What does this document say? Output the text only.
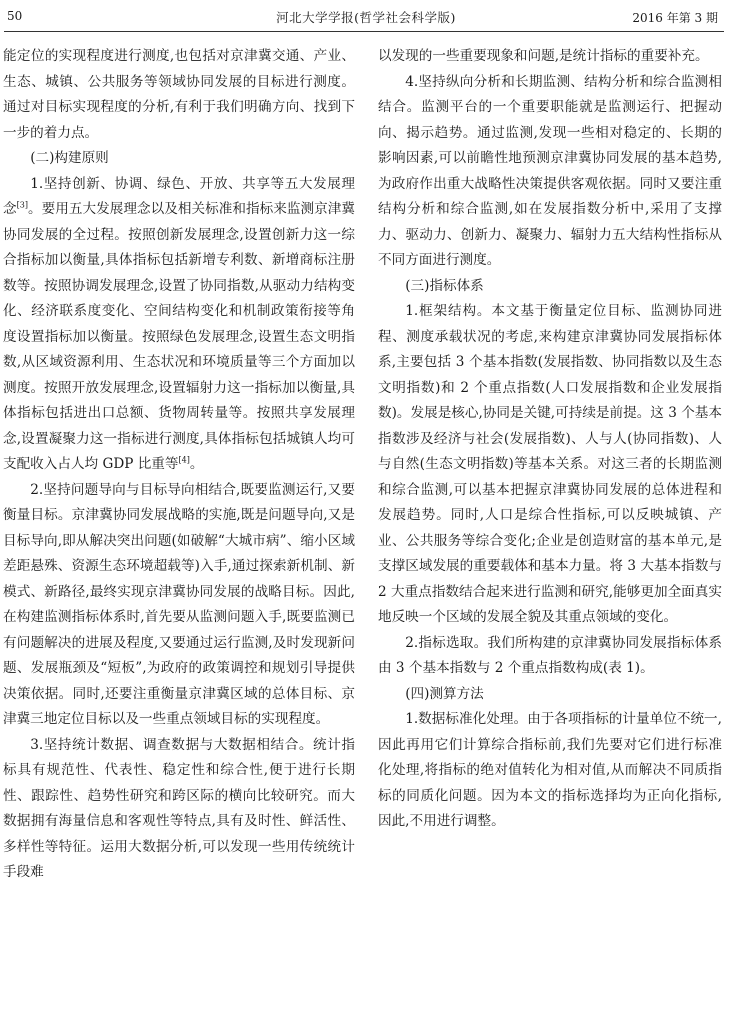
50	河北大学学报(哲学社会科学版)	2016 年第 3 期

能定位的实现程度进行测度,也包括对京津冀交通、产业、生态、城镇、公共服务等领域协同发展的目标进行测度。通过对目标实现程度的分析,有利于我们明确方向、找到下一步的着力点。

(二)构建原则

1.坚持创新、协调、绿色、开放、共享等五大发展理念[3]。要用五大发展理念以及相关标准和指标来监测京津冀协同发展的全过程。按照创新发展理念,设置创新力这一综合指标加以衡量,具体指标包括新增专利数、新增商标注册数等。按照协调发展理念,设置了协同指数,从驱动力结构变化、经济联系度变化、空间结构变化和机制政策衔接等角度设置指标加以衡量。按照绿色发展理念,设置生态文明指数,从区域资源利用、生态状况和环境质量等三个方面加以测度。按照开放发展理念,设置辐射力这一指标加以衡量,具体指标包括进出口总额、货物周转量等。按照共享发展理念,设置凝聚力这一指标进行测度,具体指标包括城镇人均可支配收入占人均 GDP 比重等[4]。

2.坚持问题导向与目标导向相结合,既要监测运行,又要衡量目标。京津冀协同发展战略的实施,既是问题导向,又是目标导向,即从解决突出问题(如破解“大城市病”、缩小区域差距悬殊、资源生态环境超载等)入手,通过探索新机制、新模式、新路径,最终实现京津冀协同发展的战略目标。因此,在构建监测指标体系时,首先要从监测问题入手,既要监测已有问题解决的进展及程度,又要通过运行监测,及时发现新问题、发展瓶颈及“短板”,为政府的政策调控和规划引导提供决策依据。同时,还要注重衡量京津冀区域的总体目标、京津冀三地定位目标以及一些重点领域目标的实现程度。

3.坚持统计数据、调查数据与大数据相结合。统计指标具有规范性、代表性、稳定性和综合性,便于进行长期性、跟踪性、趋势性研究和跨区际的横向比较研究。而大数据拥有海量信息和客观性等特点,具有及时性、鲜活性、多样性等特征。运用大数据分析,可以发现一些用传统统计手段难

以发现的一些重要现象和问题,是统计指标的重要补充。

4.坚持纵向分析和长期监测、结构分析和综合监测相结合。监测平台的一个重要职能就是监测运行、把握动向、揭示趋势。通过监测,发现一些相对稳定的、长期的影响因素,可以前瞻性地预测京津冀协同发展的基本趋势,为政府作出重大战略性决策提供客观依据。同时又要注重结构分析和综合监测,如在发展指数分析中,采用了支撑力、驱动力、创新力、凝聚力、辐射力五大结构性指标从不同方面进行测度。

(三)指标体系

1.框架结构。本文基于衡量定位目标、监测协同进程、测度承载状况的考虑,来构建京津冀协同发展指标体系,主要包括 3 个基本指数(发展指数、协同指数以及生态文明指数)和 2 个重点指数(人口发展指数和企业发展指数)。发展是核心,协同是关键,可持续是前提。这 3 个基本指数涉及经济与社会(发展指数)、人与人(协同指数)、人与自然(生态文明指数)等基本关系。对这三者的长期监测和综合监测,可以基本把握京津冀协同发展的总体进程和发展趋势。同时,人口是综合性指标,可以反映城镇、产业、公共服务等综合变化;企业是创造财富的基本单元,是支撑区域发展的重要载体和基本力量。将 3 大基本指数与 2 大重点指数结合起来进行监测和研究,能够更加全面真实地反映一个区域的发展全貌及其重点领域的变化。

2.指标选取。我们所构建的京津冀协同发展指标体系由 3 个基本指数与 2 个重点指数构成(表 1)。

(四)测算方法

1.数据标准化处理。由于各项指标的计量单位不统一,因此再用它们计算综合指标前,我们先要对它们进行标准化处理,将指标的绝对值转化为相对值,从而解决不同质指标的同质化问题。因为本文的指标选择均为正向化指标,因此,不用进行调整。
